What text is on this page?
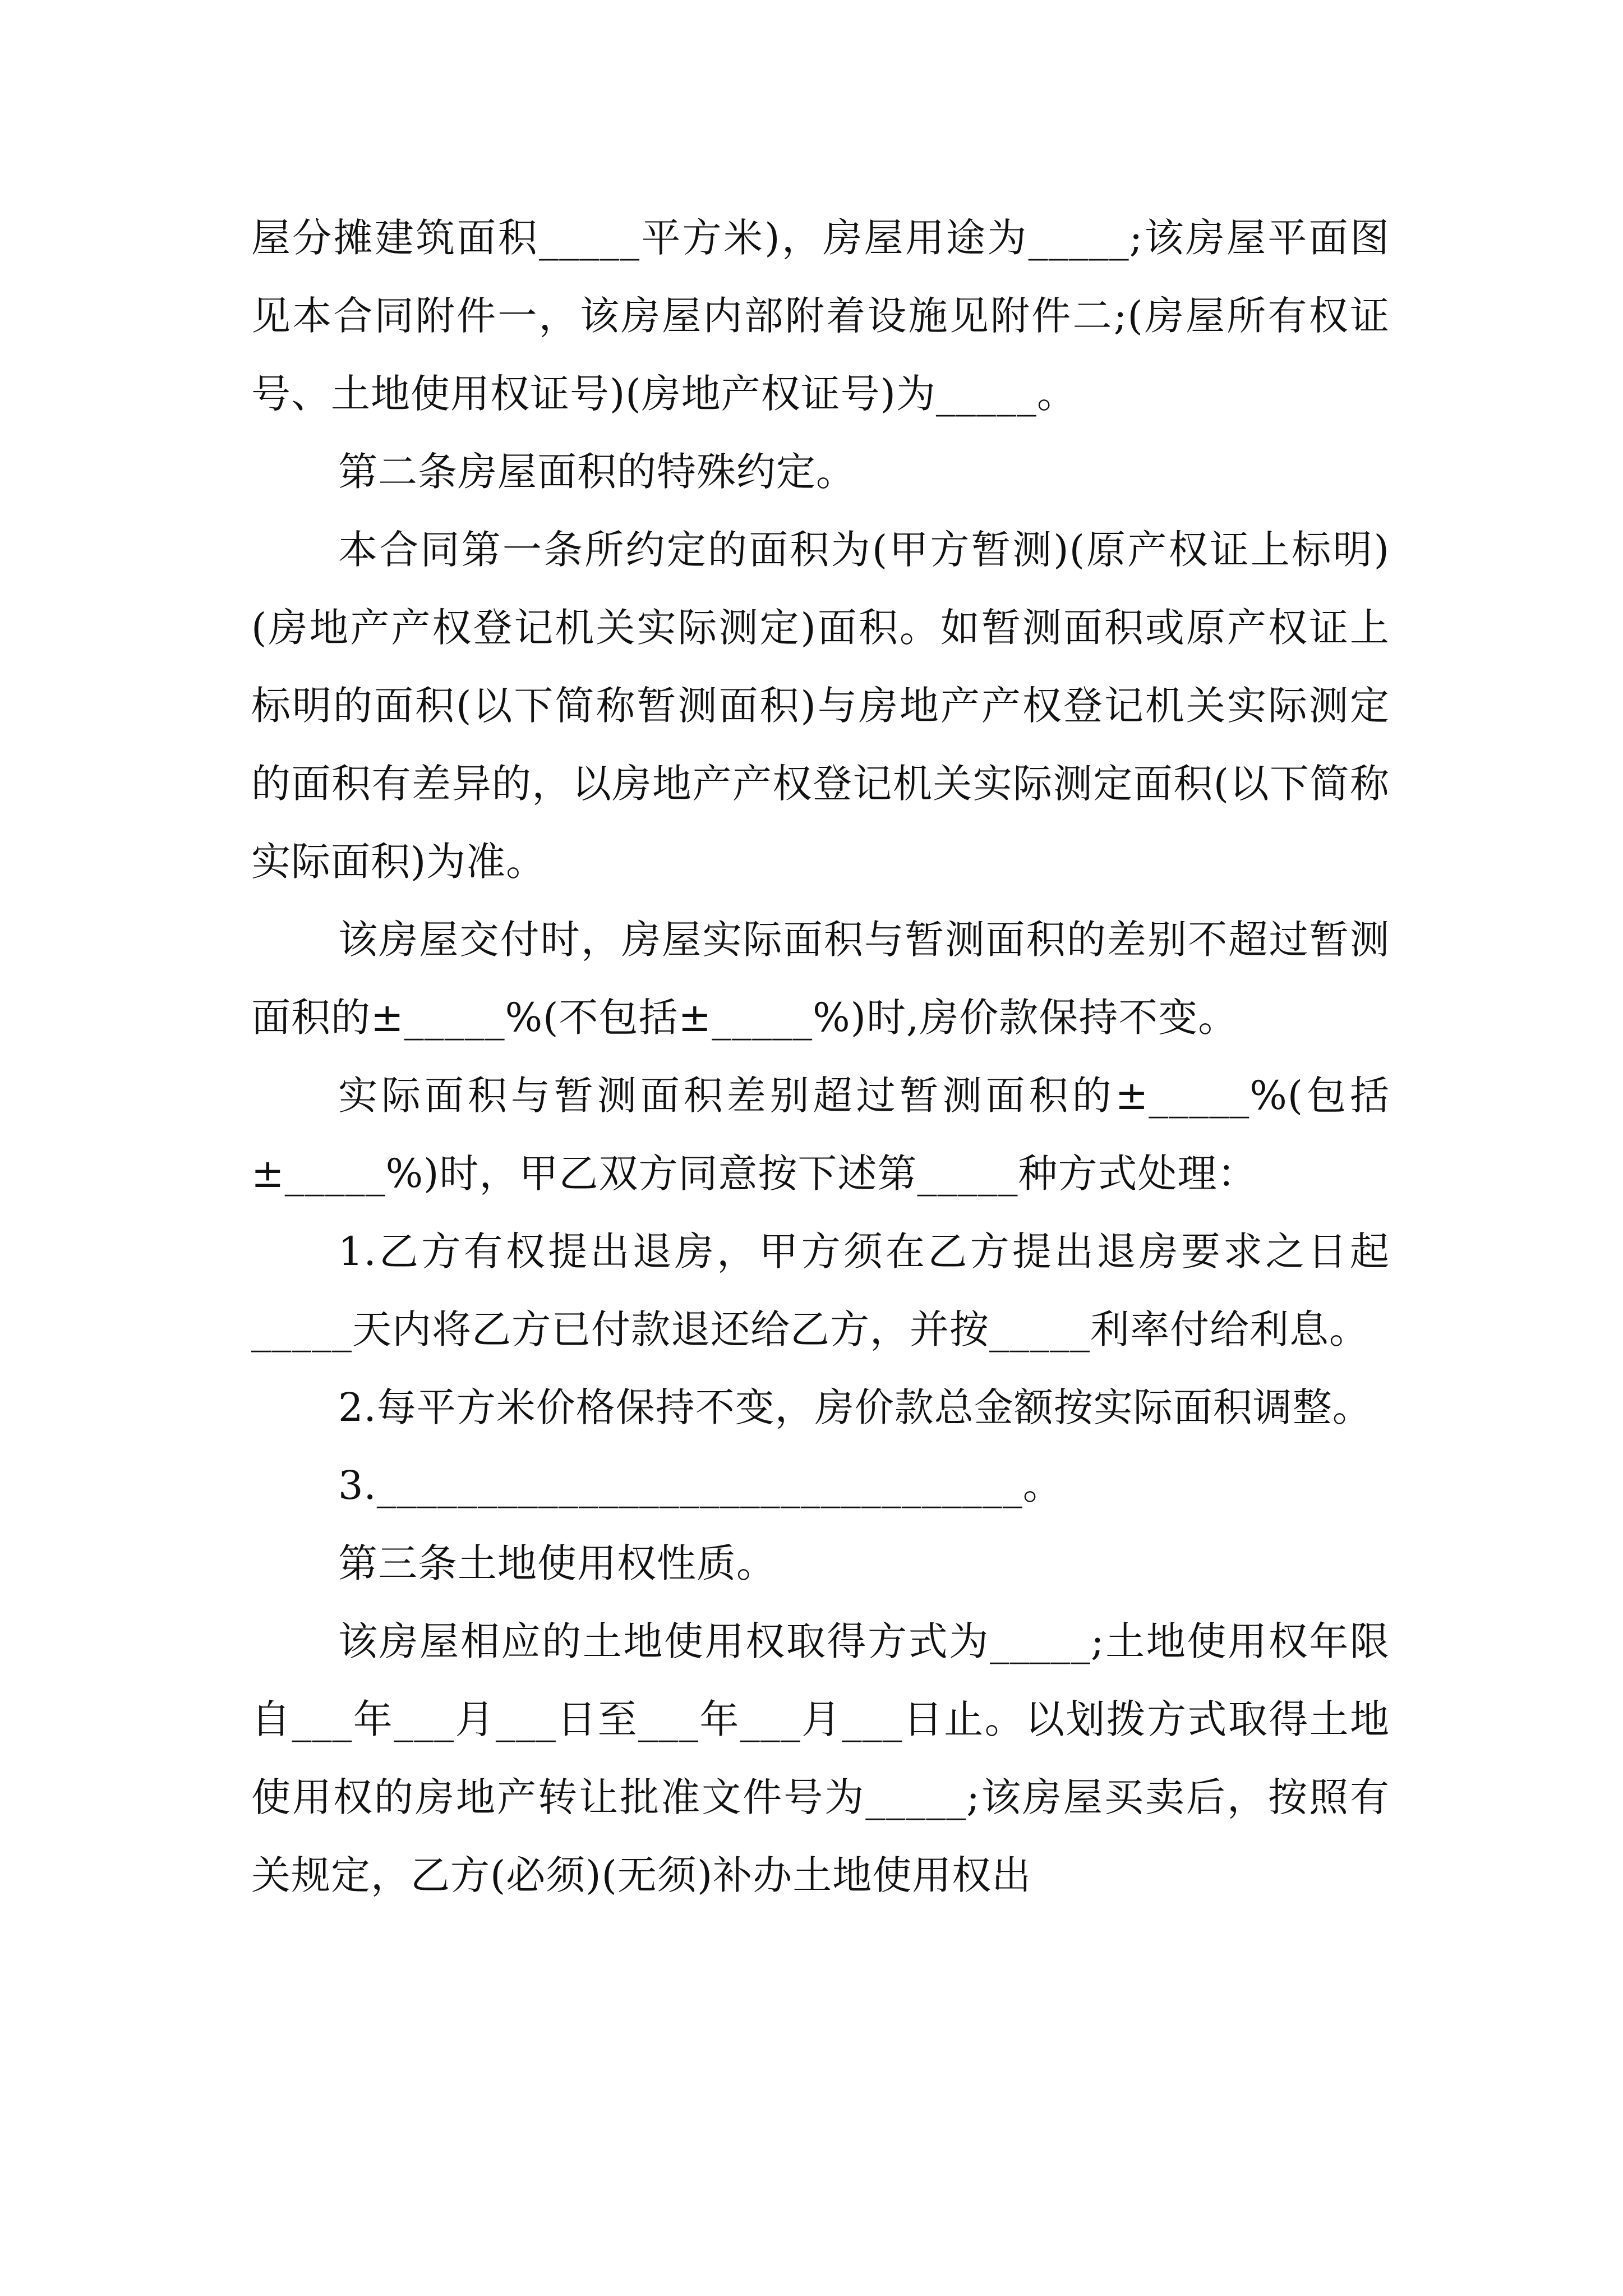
屋分摊建筑面积_____平方米)，房屋用途为_____;该房屋平面图见本合同附件一，该房屋内部附着设施见附件二;(房屋所有权证号、土地使用权证号)(房地产权证号)为_____。

第二条房屋面积的特殊约定。

本合同第一条所约定的面积为(甲方暂测)(原产权证上标明)(房地产产权登记机关实际测定)面积。如暂测面积或原产权证上标明的面积(以下简称暂测面积)与房地产产权登记机关实际测定的面积有差异的，以房地产产权登记机关实际测定面积(以下简称实际面积)为准。

该房屋交付时，房屋实际面积与暂测面积的差别不超过暂测面积的±_____%(不包括±_____%)时,房价款保持不变。

实际面积与暂测面积差别超过暂测面积的±_____%(包括±_____%)时，甲乙双方同意按下述第_____种方式处理：

1.乙方有权提出退房，甲方须在乙方提出退房要求之日起_____天内将乙方已付款退还给乙方，并按_____利率付给利息。

2.每平方米价格保持不变，房价款总金额按实际面积调整。

3.________________________________。

第三条土地使用权性质。

该房屋相应的土地使用权取得方式为_____;土地使用权年限自___年___月___日至___年___月___日止。以划拨方式取得土地使用权的房地产转让批准文件号为_____;该房屋买卖后，按照有关规定，乙方(必须)(无须)补办土地使用权出
